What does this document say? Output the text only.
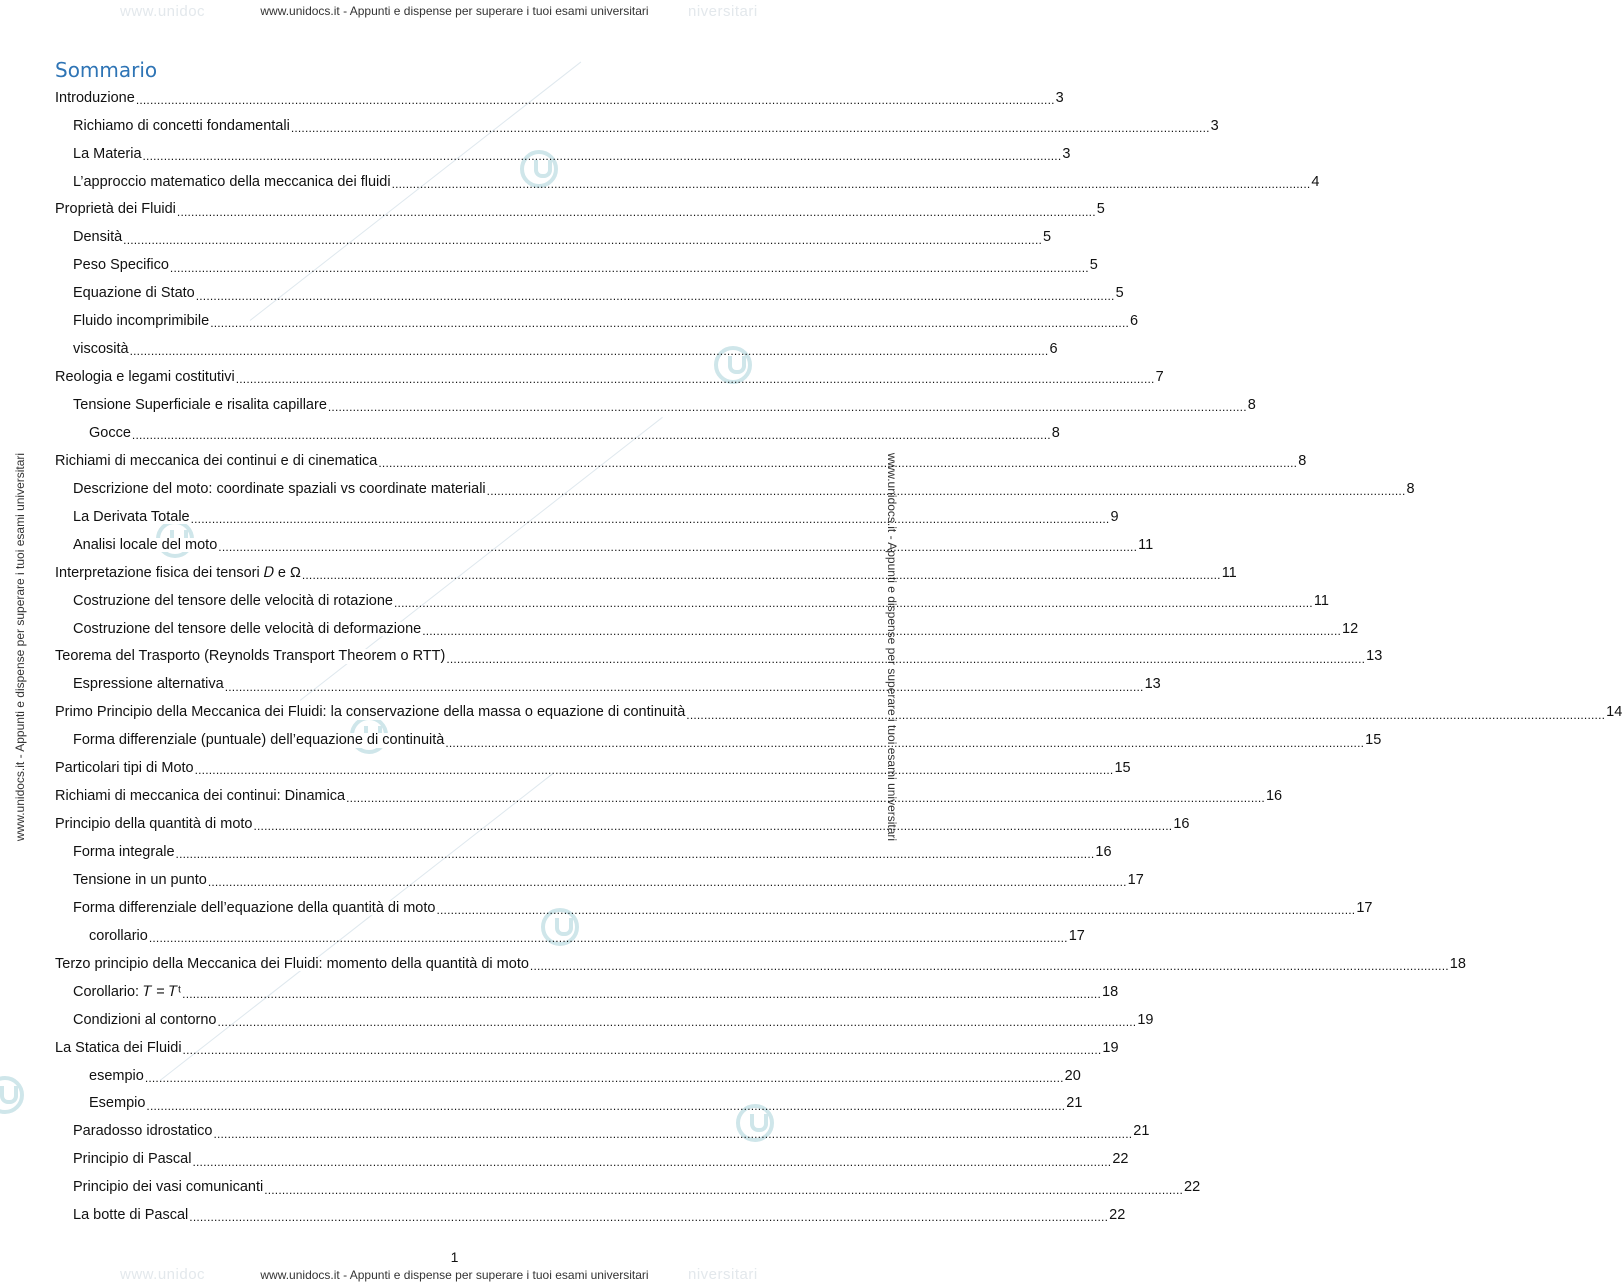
www.unidoc	niversitari
www.unidoc	niversitari
www.unidocs.it - Appunti e dispense per superare i tuoi esami universitari
www.unidocs.it - Appunti e dispense per superare i tuoi esami universitari
www.unidocs.it - Appunti e dispense per superare i tuoi esami universitari	www.unidocs.it - Appunti e dispense per superare i tuoi esami universitari
Sommario
Introduzione .................................................................................................................................................................................................................................................................... 3
Richiamo di concetti fondamentali .................................................................................................................................................................................................................................................................... 3
La Materia .................................................................................................................................................................................................................................................................... 3
L’approccio matematico della meccanica dei fluidi .................................................................................................................................................................................................................................................................... 4
Proprietà dei Fluidi .................................................................................................................................................................................................................................................................... 5
Densità .................................................................................................................................................................................................................................................................... 5
Peso Specifico .................................................................................................................................................................................................................................................................... 5
Equazione di Stato .................................................................................................................................................................................................................................................................... 5
Fluido incomprimibile .................................................................................................................................................................................................................................................................... 6
viscosità .................................................................................................................................................................................................................................................................... 6
Reologia e legami costitutivi .................................................................................................................................................................................................................................................................... 7
Tensione Superficiale e risalita capillare .................................................................................................................................................................................................................................................................... 8
Gocce .................................................................................................................................................................................................................................................................... 8
Richiami di meccanica dei continui e di cinematica .................................................................................................................................................................................................................................................................... 8
Descrizione del moto: coordinate spaziali vs coordinate materiali .................................................................................................................................................................................................................................................................... 8
La Derivata Totale .................................................................................................................................................................................................................................................................... 9
Analisi locale del moto .................................................................................................................................................................................................................................................................... 11
Interpretazione fisica dei tensori 𝐷 e Ω .................................................................................................................................................................................................................................................................... 11
Costruzione del tensore delle velocità di rotazione .................................................................................................................................................................................................................................................................... 11
Costruzione del tensore delle velocità di deformazione .................................................................................................................................................................................................................................................................... 12
Teorema del Trasporto (Reynolds Transport Theorem o RTT) .................................................................................................................................................................................................................................................................... 13
Espressione alternativa .................................................................................................................................................................................................................................................................... 13
Primo Principio della Meccanica dei Fluidi: la conservazione della massa o equazione di continuità .................................................................................................................................................................................................................................................................... 14
Forma differenziale (puntuale) dell’equazione di continuità .................................................................................................................................................................................................................................................................... 15
Particolari tipi di Moto .................................................................................................................................................................................................................................................................... 15
Richiami di meccanica dei continui: Dinamica .................................................................................................................................................................................................................................................................... 16
Principio della quantità di moto .................................................................................................................................................................................................................................................................... 16
Forma integrale .................................................................................................................................................................................................................................................................... 16
Tensione in un punto .................................................................................................................................................................................................................................................................... 17
Forma differenziale dell’equazione della quantità di moto .................................................................................................................................................................................................................................................................... 17
corollario .................................................................................................................................................................................................................................................................... 17
Terzo principio della Meccanica dei Fluidi: momento della quantità di moto .................................................................................................................................................................................................................................................................... 18
Corollario: 𝑇 = 𝑇ᵗ .................................................................................................................................................................................................................................................................... 18
Condizioni al contorno .................................................................................................................................................................................................................................................................... 19
La Statica dei Fluidi .................................................................................................................................................................................................................................................................... 19
esempio .................................................................................................................................................................................................................................................................... 20
Esempio .................................................................................................................................................................................................................................................................... 21
Paradosso idrostatico .................................................................................................................................................................................................................................................................... 21
Principio di Pascal .................................................................................................................................................................................................................................................................... 22
Principio dei vasi comunicanti .................................................................................................................................................................................................................................................................... 22
La botte di Pascal .................................................................................................................................................................................................................................................................... 22
1
